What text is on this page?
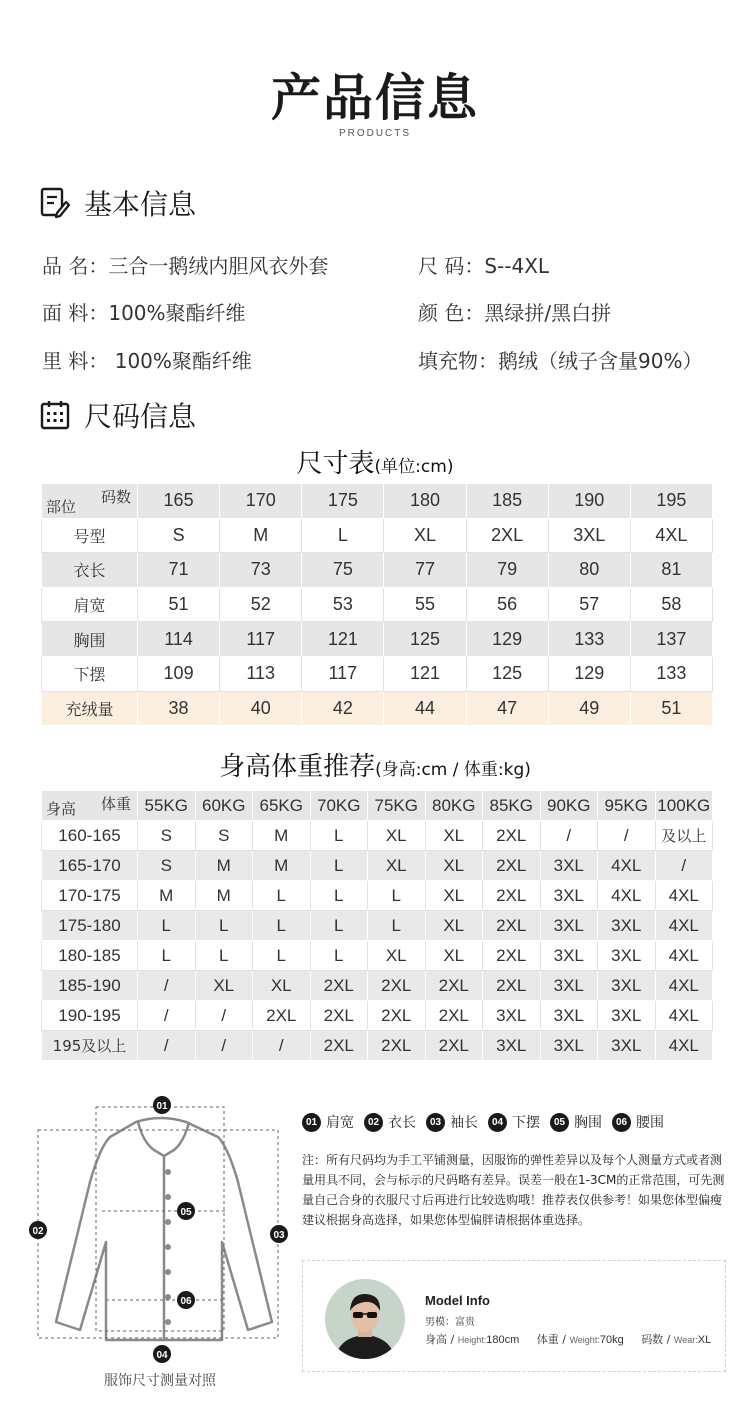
产品信息
PRODUCTS
基本信息
品 名：三合一鹅绒内胆风衣外套	尺 码：S--4XL
面 料：100%聚酯纤维	颜 色：黑绿拼/黑白拼
里 料： 100%聚酯纤维	填充物：鹅绒（绒子含量90%）
尺码信息
尺寸表(单位:cm)
码数
部位	165	170	175	180	185	190	195
号型	S	M	L	XL	2XL	3XL	4XL
衣长	71	73	75	77	79	80	81
肩宽	51	52	53	55	56	57	58
胸围	114	117	121	125	129	133	137
下摆	109	113	117	121	125	129	133
充绒量	38	40	42	44	47	49	51
身高体重推荐(身高:cm / 体重:kg)
体重
身高	55KG	60KG	65KG	70KG	75KG	80KG	85KG	90KG	95KG	100KG
160-165	S	S	M	L	XL	XL	2XL	/	/	及以上
165-170	S	M	M	L	XL	XL	2XL	3XL	4XL	/
170-175	M	M	L	L	L	XL	2XL	3XL	4XL	4XL
175-180	L	L	L	L	L	XL	2XL	3XL	3XL	4XL
180-185	L	L	L	L	XL	XL	2XL	3XL	3XL	4XL
185-190	/	XL	XL	2XL	2XL	2XL	2XL	3XL	3XL	4XL
190-195	/	/	2XL	2XL	2XL	2XL	3XL	3XL	3XL	4XL
195及以上	/	/	/	2XL	2XL	2XL	3XL	3XL	3XL	4XL
01
02	03
04
05
06
服饰尺寸测量对照
01 肩宽	02 衣长	03 袖长	04 下摆	05 胸围	06 腰围
注：所有尺码均为手工平铺测量，因服饰的弹性差异以及每个人测量方式或者测量用具不同，会与标示的尺码略有差异。误差一般在1-3CM的正常范围，可先测量自己合身的衣服尺寸后再进行比较选购哦！推荐表仅供参考！如果您体型偏瘦建议根据身高选择，如果您体型偏胖请根据体重选择。
Model Info
男模：富贵
身高 / Height:180cm 体重 / Weight:70kg 码数 / Wear:XL
